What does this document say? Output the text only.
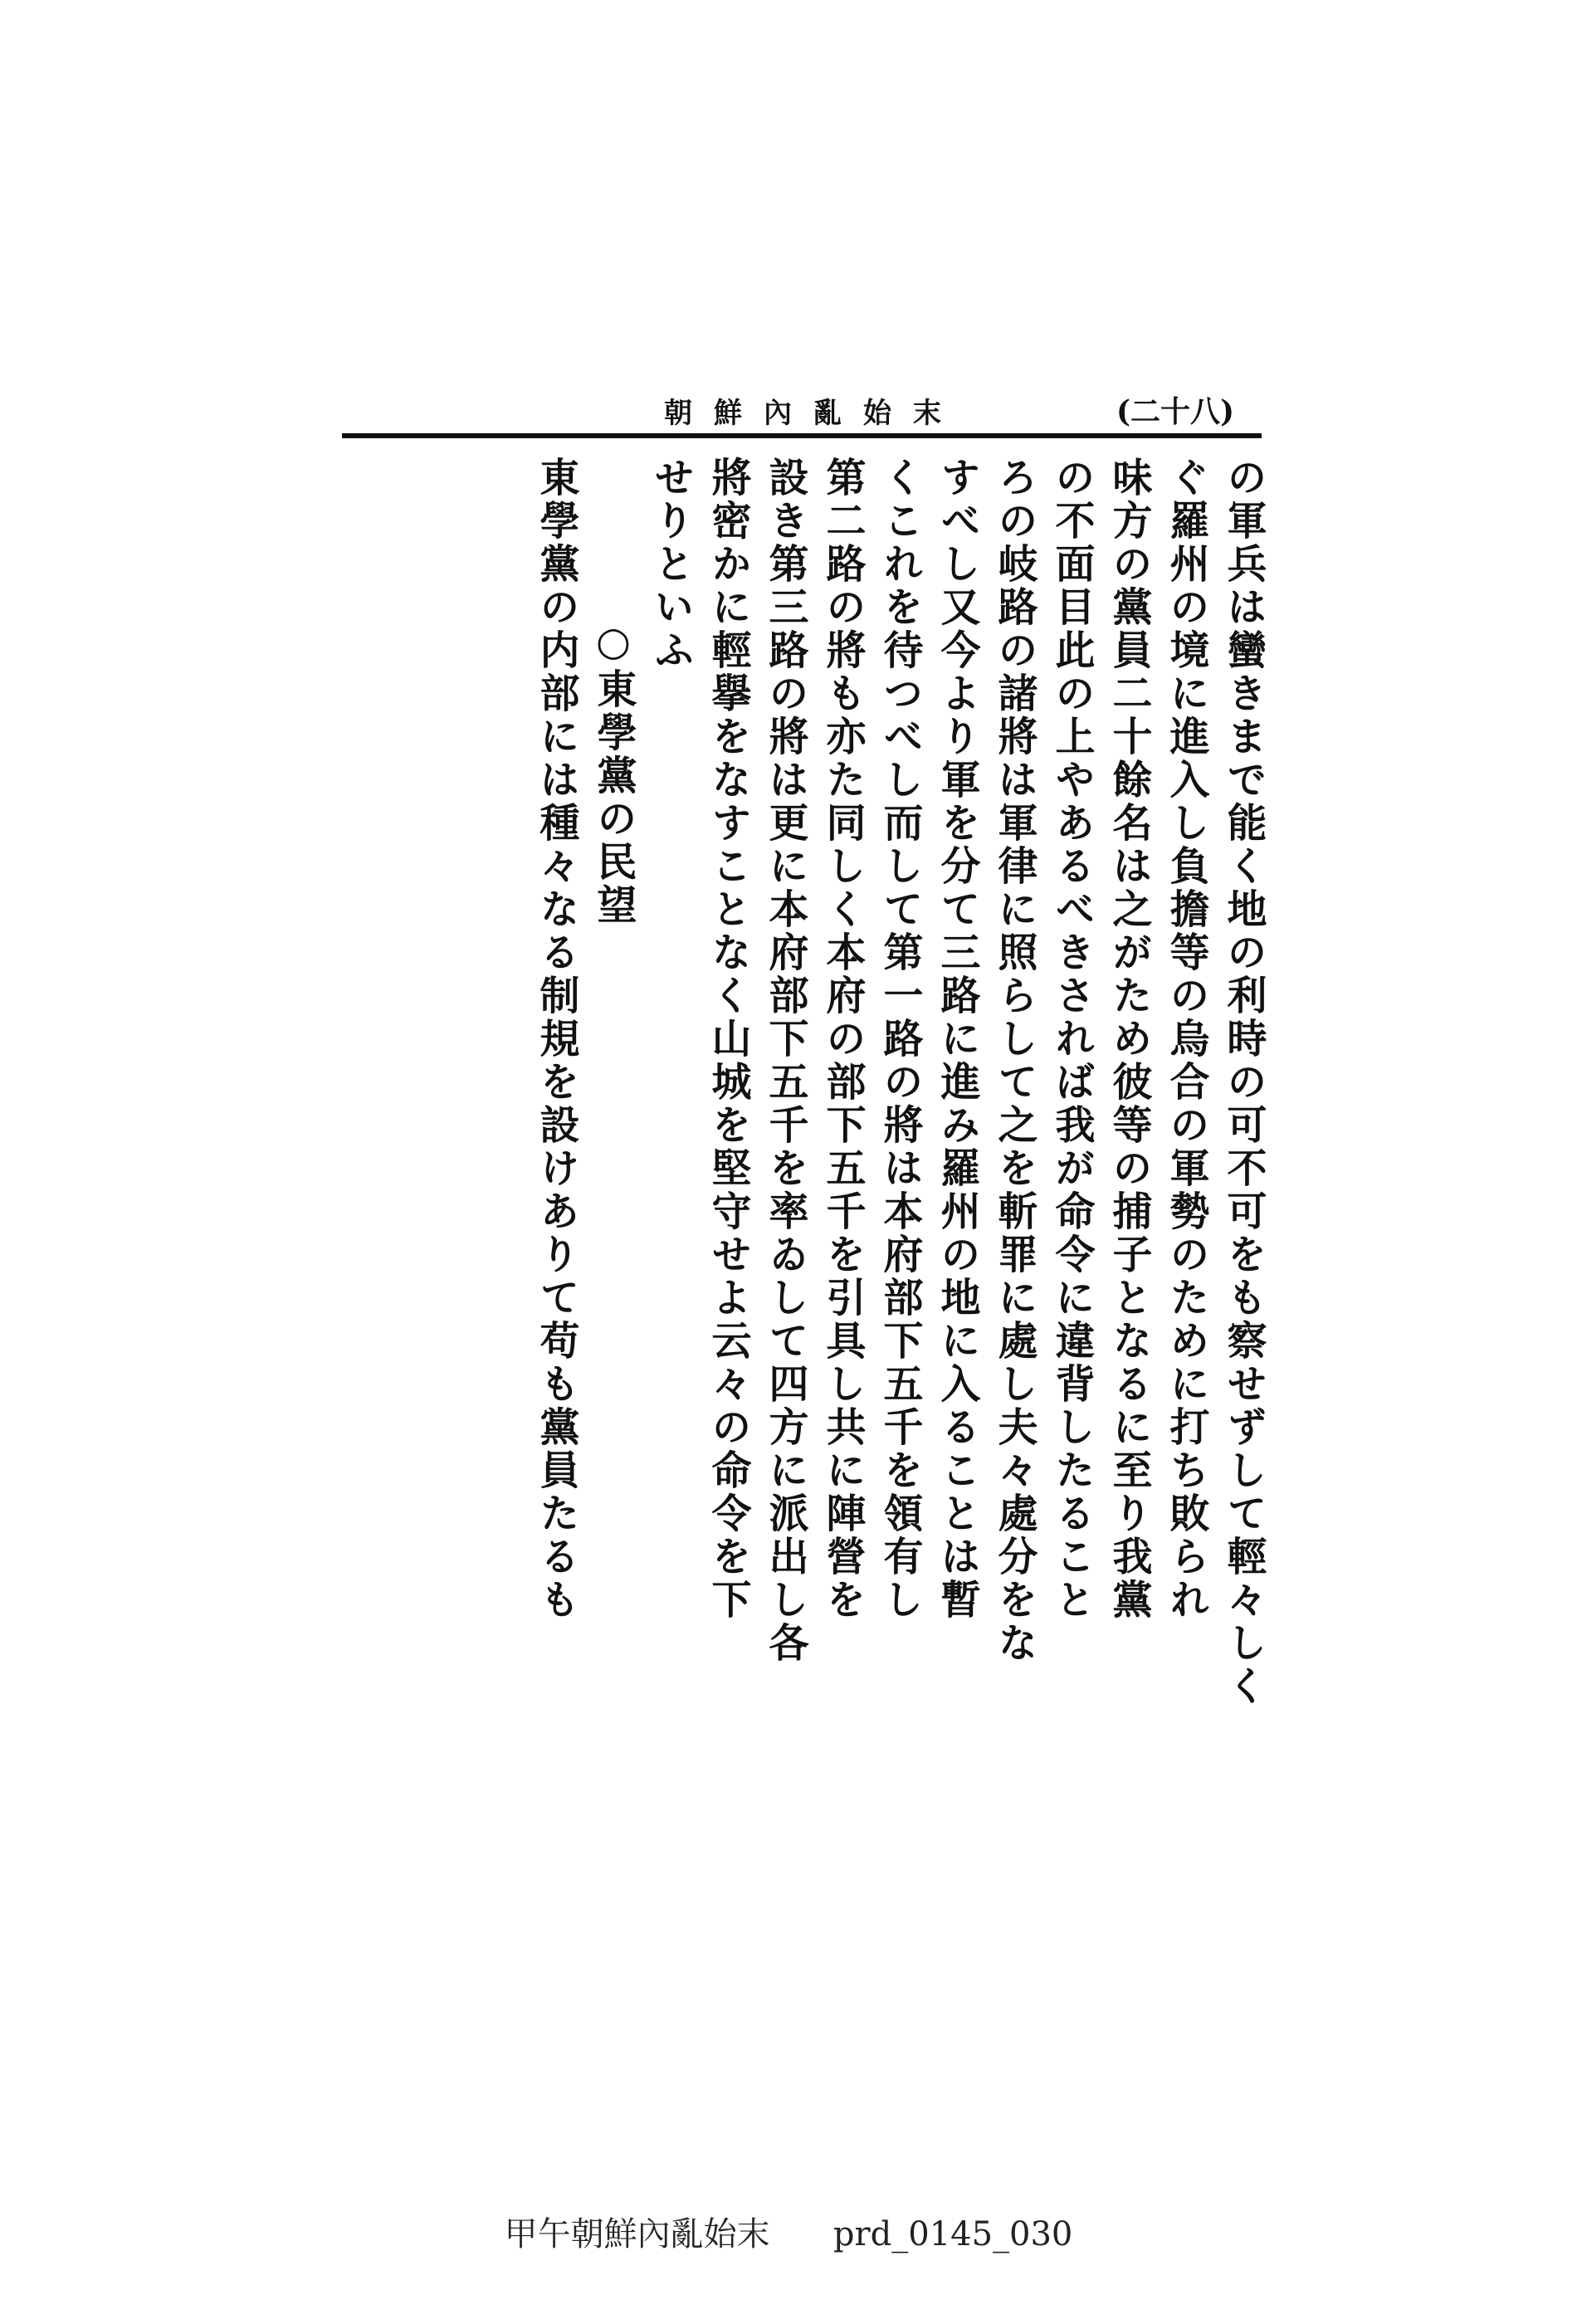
朝鮮內亂始末	(二十八)
の軍兵は蠻きまで能く地の利時の可不可をも察せずして輕々しく
ぐ羅州の境に進入し負擔等の烏合の軍勢のために打ち敗られ
味方の黨員二十餘名は之がため彼等の捕子となるに至り我黨
の不面目此の上やあるべきされば我が命令に違背したること
ろの岐路の諸將は軍律に照らして之を斬罪に處し夫々處分をな
すべし又今より軍を分て三路に進み羅州の地に入ることは暫
くこれを待つべし而して第一路の將は本府部下五千を領有し
第二路の將も亦た同しく本府の部下五千を引具し共に陣營を
設き第三路の將は更に本府部下五千を率ゐして四方に派出し各
將密かに輕擧をなすことなく山城を堅守せよ云々の命令を下
せりといふ
○東學黨の民望
東學黨の内部には種々なる制規を設けありて苟も黨員たるも
甲午朝鮮內亂始末 prd_0145_030
